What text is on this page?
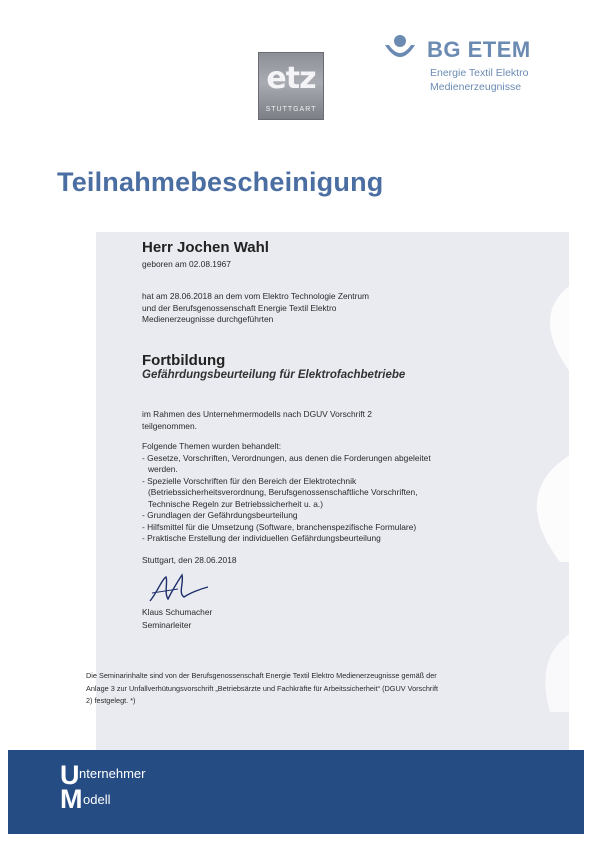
etz
STUTTGART
BG ETEM
Energie Textil Elektro
Medienerzeugnisse
Teilnahmebescheinigung
Herr Jochen Wahl
geboren am 02.08.1967
hat am 28.06.2018 an dem vom Elektro Technologie Zentrum
und der Berufsgenossenschaft Energie Textil Elektro
Medienerzeugnisse durchgeführten
Fortbildung
Gefährdungsbeurteilung für Elektrofachbetriebe
im Rahmen des Unternehmermodells nach DGUV Vorschrift 2
teilgenommen.
Folgende Themen wurden behandelt:
- Gesetze, Vorschriften, Verordnungen, aus denen die Forderungen abgeleitet
werden.
- Spezielle Vorschriften für den Bereich der Elektrotechnik
(Betriebssicherheitsverordnung, Berufsgenossenschaftliche Vorschriften,
Technische Regeln zur Betriebssicherheit u. a.)
- Grundlagen der Gefährdungsbeurteilung
- Hilfsmittel für die Umsetzung (Software, branchenspezifische Formulare)
- Praktische Erstellung der individuellen Gefährdungsbeurteilung
Stuttgart, den 28.06.2018
Klaus Schumacher
Seminarleiter
Die Seminarinhalte sind von der Berufsgenossenschaft Energie Textil Elektro Medienerzeugnisse gemäß der
Anlage 3 zur Unfallverhütungsvorschrift „Betriebsärzte und Fachkräfte für Arbeitssicherheit“ (DGUV Vorschrift
2) festgelegt. *)
U nternehmer
M odell
